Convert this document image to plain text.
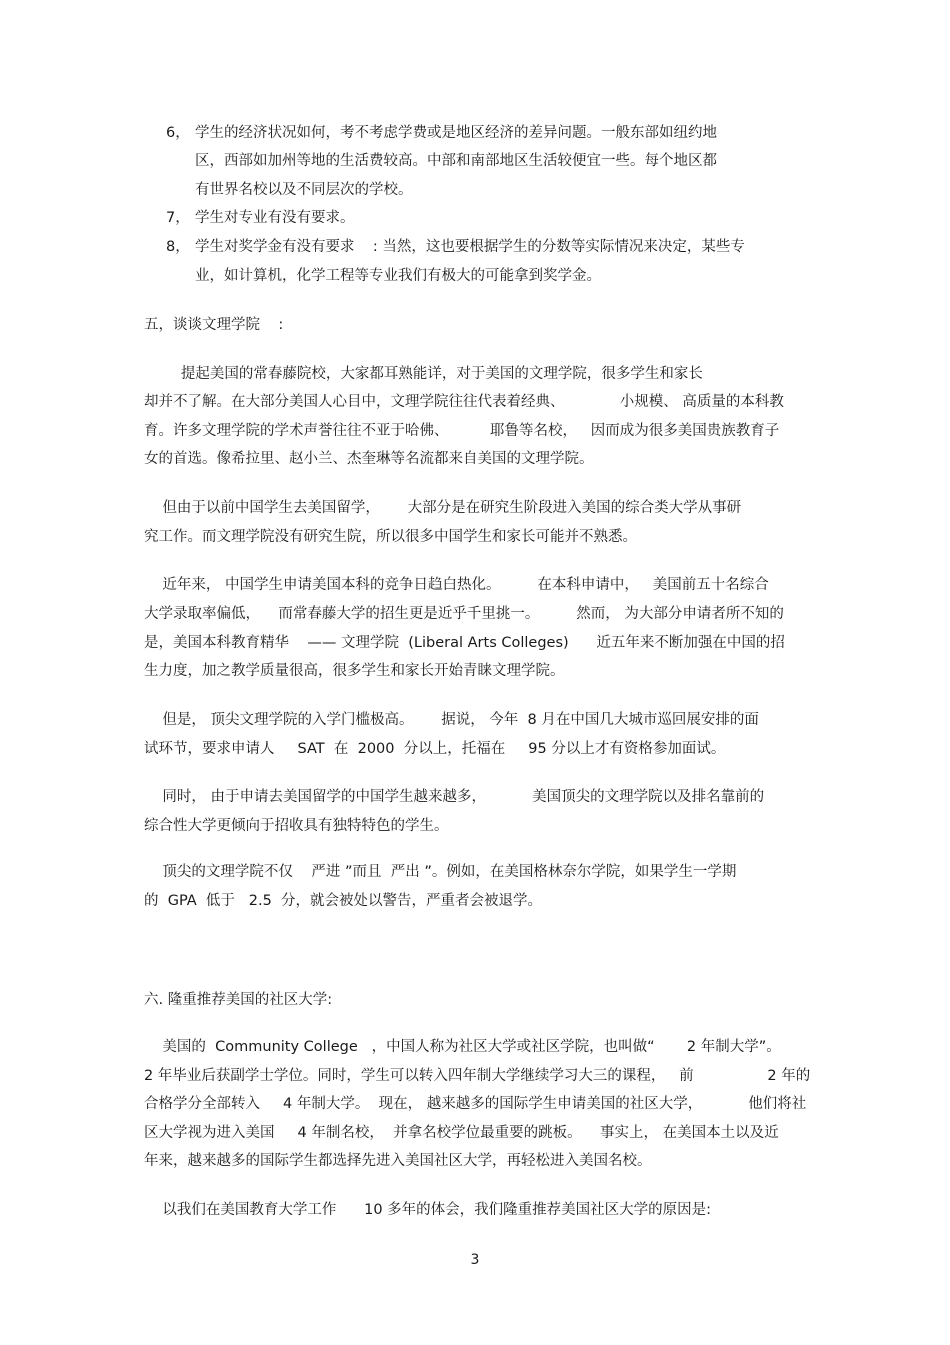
6， 学生的经济状况如何，考不考虑学费或是地区经济的差异问题。一般东部如纽约地
区，西部如加州等地的生活费较高。中部和南部地区生活较便宜一些。每个地区都
有世界名校以及不同层次的学校。
7， 学生对专业有没有要求。
8， 学生对奖学金有没有要求    : 当然，这也要根据学生的分数等实际情况来决定，某些专
业，如计算机，化学工程等专业我们有极大的可能拿到奖学金。
五，谈谈文理学院    :
提起美国的常春藤院校，大家都耳熟能详，对于美国的文理学院，很多学生和家长
却并不了解。在大部分美国人心目中，文理学院往往代表着经典、            小规模、 高质量的本科教
育。许多文理学院的学术声誉往往不亚于哈佛、         耶鲁等名校，   因而成为很多美国贵族教育子
女的首选。像希拉里、赵小兰、杰奎琳等名流都来自美国的文理学院。
但由于以前中国学生去美国留学，      大部分是在研究生阶段进入美国的综合类大学从事研
究工作。而文理学院没有研究生院，所以很多中国学生和家长可能并不熟悉。
近年来， 中国学生申请美国本科的竞争日趋白热化。        在本科申请中，   美国前五十名综合
大学录取率偏低，    而常春藤大学的招生更是近乎千里挑一。        然而， 为大部分申请者所不知的
是，美国本科教育精华    —— 文理学院  (Liberal Arts Colleges)      近五年来不断加强在中国的招
生力度，加之教学质量很高，很多学生和家长开始青睐文理学院。
但是， 顶尖文理学院的入学门槛极高。      据说， 今年  8 月在中国几大城市巡回展安排的面
试环节，要求申请人     SAT  在  2000  分以上，托福在     95 分以上才有资格参加面试。
同时， 由于申请去美国留学的中国学生越来越多，          美国顶尖的文理学院以及排名靠前的
综合性大学更倾向于招收具有独特特色的学生。
顶尖的文理学院不仅    严进 ”而且  严出 ”。例如，在美国格林奈尔学院，如果学生一学期
的  GPA  低于   2.5  分，就会被处以警告，严重者会被退学。
六. 隆重推荐美国的社区大学:
美国的  Community College   ，中国人称为社区大学或社区学院，也叫做“       2 年制大学”。
2 年毕业后获副学士学位。同时，学生可以转入四年制大学继续学习大三的课程，   前                2 年的
合格学分全部转入     4 年制大学。  现在， 越来越多的国际学生申请美国的社区大学，          他们将社
区大学视为进入美国     4 年制名校，  并拿名校学位最重要的跳板。    事实上， 在美国本土以及近
年来，越来越多的国际学生都选择先进入美国社区大学，再轻松进入美国名校。
以我们在美国教育大学工作      10 多年的体会，我们隆重推荐美国社区大学的原因是:
3
